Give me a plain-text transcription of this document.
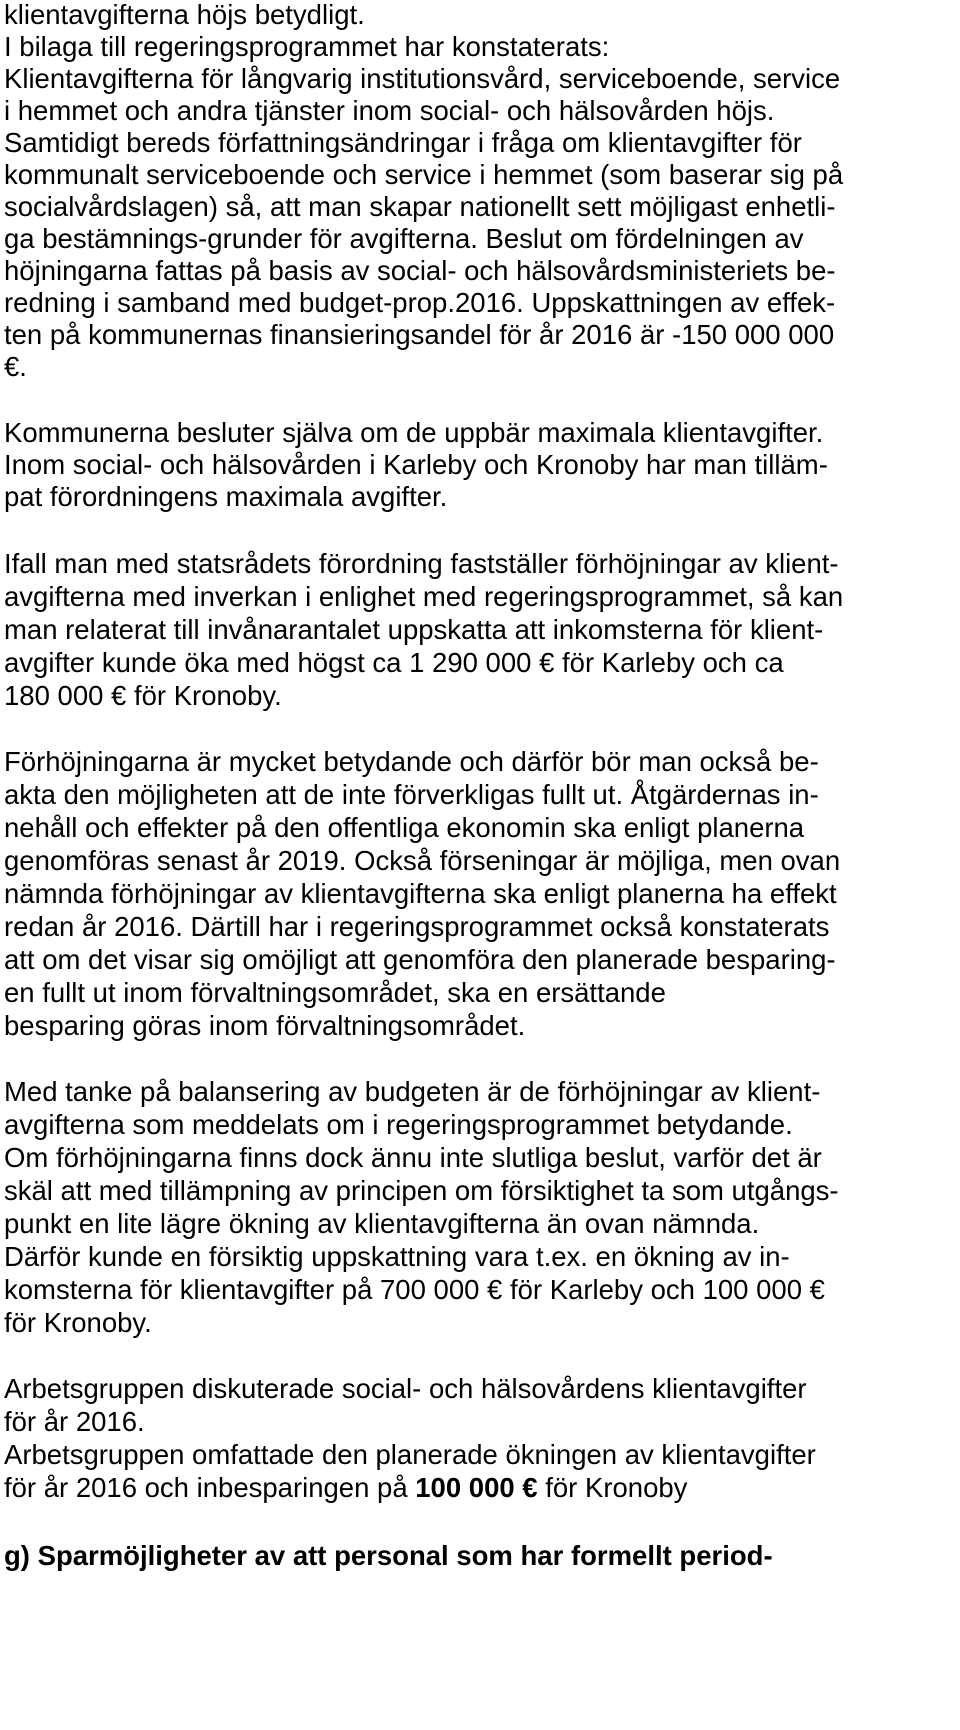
klientavgifterna höjs betydligt.
I bilaga till regeringsprogrammet har konstaterats:
Klientavgifterna för långvarig institutionsvård, serviceboende, service
i hemmet och andra tjänster inom social- och hälsovården höjs.
Samtidigt bereds författningsändringar i fråga om klientavgifter för
kommunalt serviceboende och service i hemmet (som baserar sig på
socialvårdslagen) så, att man skapar nationellt sett möjligast enhetli-
ga bestämnings-grunder för avgifterna. Beslut om fördelningen av
höjningarna fattas på basis av social- och hälsovårdsministeriets be-
redning i samband med budget-prop.2016. Uppskattningen av effek-
ten på kommunernas finansieringsandel för år 2016 är -150 000 000
€.
Kommunerna besluter själva om de uppbär maximala klientavgifter.
Inom social- och hälsovården i Karleby och Kronoby har man tilläm-
pat förordningens maximala avgifter.
Ifall man med statsrådets förordning fastställer förhöjningar av klient-
avgifterna med inverkan i enlighet med regeringsprogrammet, så kan
man relaterat till invånarantalet uppskatta att inkomsterna för klient-
avgifter kunde öka med högst ca 1 290 000 € för Karleby och ca
180 000 € för Kronoby.
Förhöjningarna är mycket betydande och därför bör man också be-
akta den möjligheten att de inte förverkligas fullt ut. Åtgärdernas in-
nehåll och effekter på den offentliga ekonomin ska enligt planerna
genomföras senast år 2019. Också förseningar är möjliga, men ovan
nämnda förhöjningar av klientavgifterna ska enligt planerna ha effekt
redan år 2016. Därtill har i regeringsprogrammet också konstaterats
att om det visar sig omöjligt att genomföra den planerade besparing-
en fullt ut inom förvaltningsområdet, ska en ersättande
besparing göras inom förvaltningsområdet.
Med tanke på balansering av budgeten är de förhöjningar av klient-
avgifterna som meddelats om i regeringsprogrammet betydande.
Om förhöjningarna finns dock ännu inte slutliga beslut, varför det är
skäl att med tillämpning av principen om försiktighet ta som utgångs-
punkt en lite lägre ökning av klientavgifterna än ovan nämnda.
Därför kunde en försiktig uppskattning vara t.ex. en ökning av in-
komsterna för klientavgifter på 700 000 € för Karleby och 100 000 €
för Kronoby.
Arbetsgruppen diskuterade social- och hälsovårdens klientavgifter
för år 2016.
Arbetsgruppen omfattade den planerade ökningen av klientavgifter
för år 2016 och inbesparingen på 100 000 € för Kronoby
g) Sparmöjligheter av att personal som har formellt period-
